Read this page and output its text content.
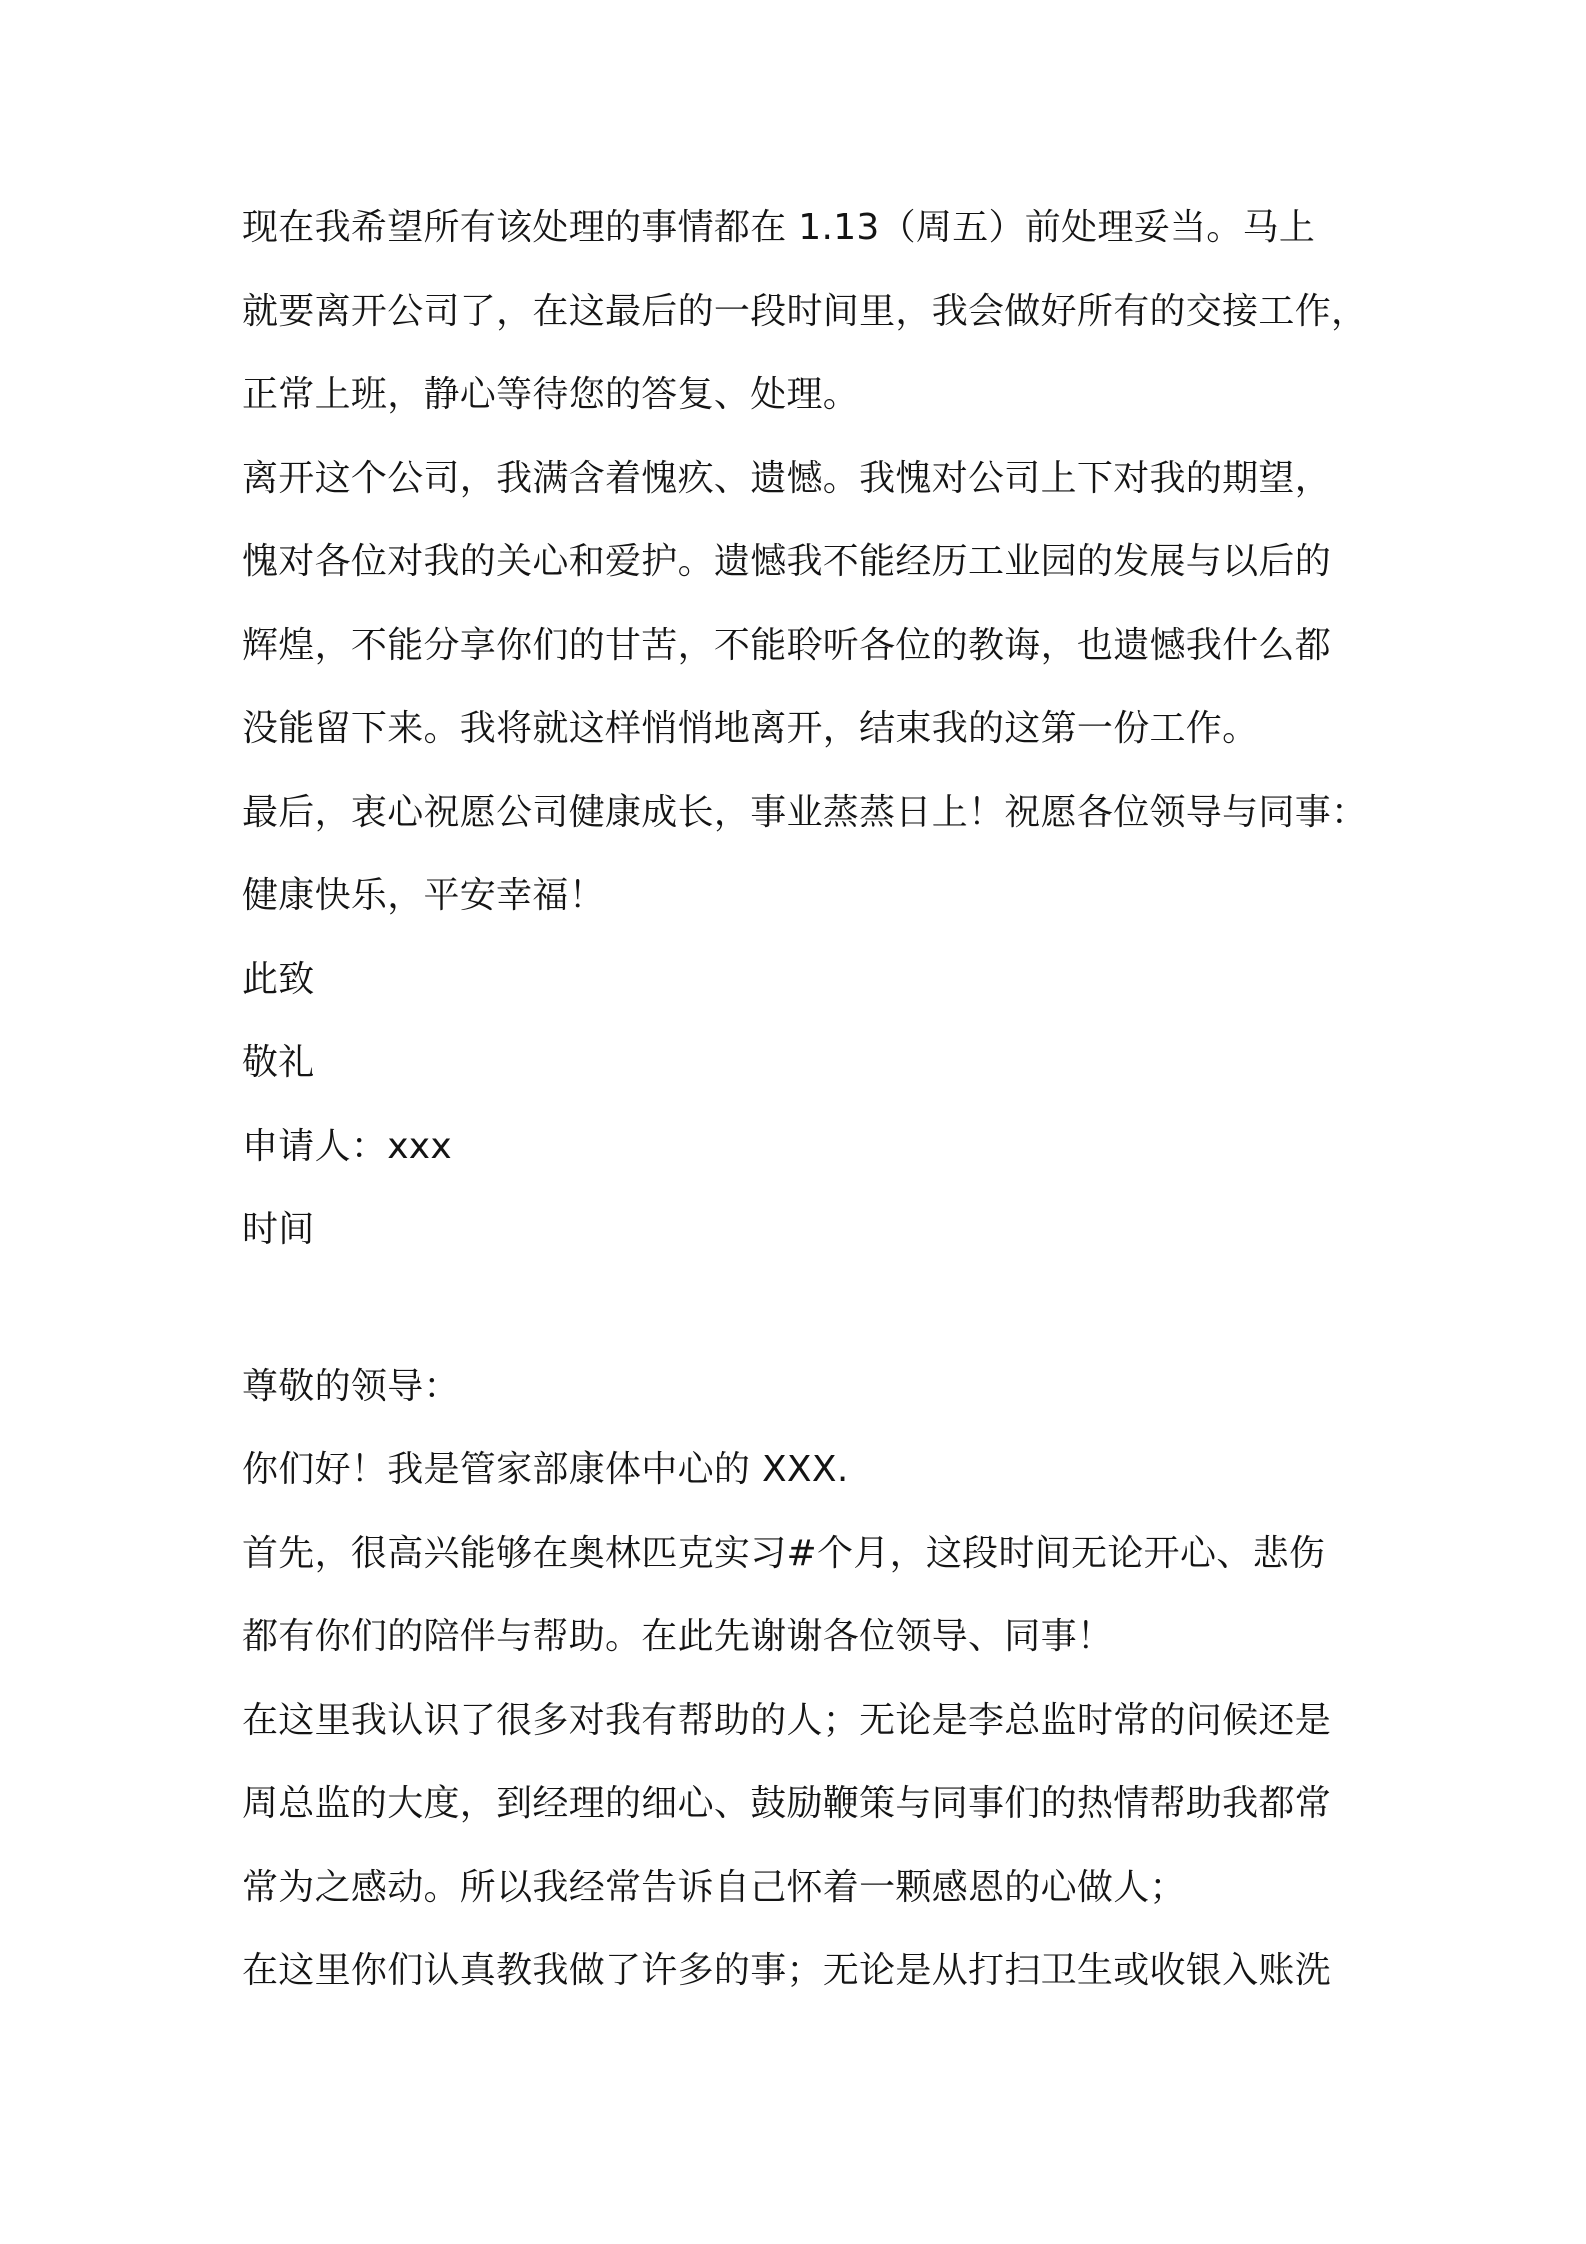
现在我希望所有该处理的事情都在 1.13（周五）前处理妥当。马上
就要离开公司了，在这最后的一段时间里，我会做好所有的交接工作，
正常上班，静心等待您的答复、处理。
离开这个公司，我满含着愧疚、遗憾。我愧对公司上下对我的期望，
愧对各位对我的关心和爱护。遗憾我不能经历工业园的发展与以后的
辉煌，不能分享你们的甘苦，不能聆听各位的教诲，也遗憾我什么都
没能留下来。我将就这样悄悄地离开，结束我的这第一份工作。
最后，衷心祝愿公司健康成长，事业蒸蒸日上！祝愿各位领导与同事：
健康快乐，平安幸福！
此致
敬礼
申请人：xxx
时间
尊敬的领导：
你们好！我是管家部康体中心的 XXX.
首先，很高兴能够在奥林匹克实习#个月，这段时间无论开心、悲伤
都有你们的陪伴与帮助。在此先谢谢各位领导、同事！
在这里我认识了很多对我有帮助的人；无论是李总监时常的问候还是
周总监的大度，到经理的细心、鼓励鞭策与同事们的热情帮助我都常
常为之感动。所以我经常告诉自己怀着一颗感恩的心做人；
在这里你们认真教我做了许多的事；无论是从打扫卫生或收银入账洗
